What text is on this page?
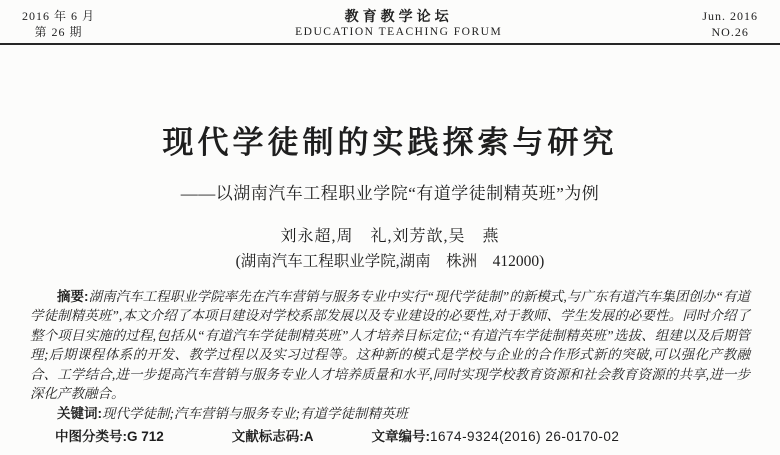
2016 年 6 月
第 26 期
教育教学论坛
EDUCATION TEACHING FORUM
Jun. 2016
NO.26
现代学徒制的实践探索与研究
——以湖南汽车工程职业学院“有道学徒制精英班”为例
刘永超,周　礼,刘芳歆,吴　燕
(湖南汽车工程职业学院,湖南　株洲　412000)

摘要:湖南汽车工程职业学院率先在汽车营销与服务专业中实行“现代学徒制”的新模式,与广东有道汽车集团创办“有道学徒制精英班”,本文介绍了本项目建设对学校系部发展以及专业建设的必要性,对于教师、学生发展的必要性。同时介绍了整个项目实施的过程,包括从“有道汽车学徒制精英班”人才培养目标定位;“有道汽车学徒制精英班”选拔、组建以及后期管理;后期课程体系的开发、教学过程以及实习过程等。这种新的模式是学校与企业的合作形式新的突破,可以强化产教融合、工学结合,进一步提高汽车营销与服务专业人才培养质量和水平,同时实现学校教育资源和社会教育资源的共享,进一步深化产教融合。

关键词:现代学徒制;汽车营销与服务专业;有道学徒制精英班

中图分类号:G 712	文献标志码:A	文章编号:1674-9324(2016) 26-0170-02
